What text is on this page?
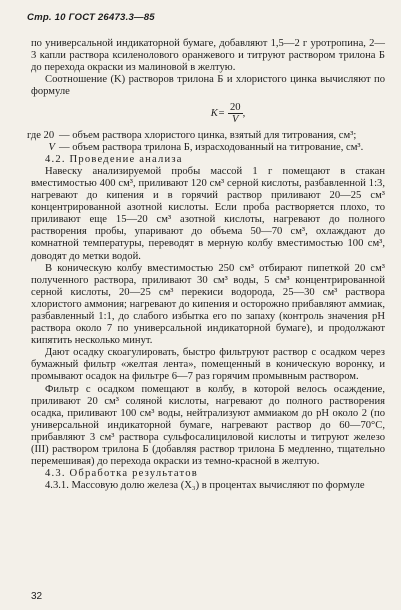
Стр. 10 ГОСТ 26473.3—85

по универсальной индикаторной бумаге, добавляют 1,5—2 г уротропина, 2—3 капли раствора ксиленолового оранжевого и титруют раствором трилона Б до перехода окраски из малиновой в желтую.

Соотношение (K) растворов трилона Б и хлористого цинка вычисляют по формуле

$K= \frac{20}{V}$ ,
где 20 — объем раствора хлористого цинка, взятый для титрования, см³;
V — объем раствора трилона Б, израсходованный на титрование, см³.

4.2. Проведение анализа

Навеску анализируемой пробы массой 1 г помещают в стакан вместимостью 400 см³, приливают 120 см³ серной кислоты, разбавленной 1:3, нагревают до кипения и в горячий раствор приливают 20—25 см³ концентрированной азотной кислоты. Если проба растворяется плохо, то приливают еще 15—20 см³ азотной кислоты, нагревают до полного растворения пробы, упаривают до объема 50—70 см³, охлаждают до комнатной температуры, переводят в мерную колбу вместимостью 100 см³, доводят до метки водой.

В коническую колбу вместимостью 250 см³ отбирают пипеткой 20 см³ полученного раствора, приливают 30 см³ воды, 5 см³ концентрированной серной кислоты, 20—25 см³ перекиси водорода, 25—30 см³ раствора хлористого аммония; нагревают до кипения и осторожно прибавляют аммиак, разбавленный 1:1, до слабого избытка его по запаху (контроль значения pH раствора около 7 по универсальной индикаторной бумаге), и продолжают кипятить несколько минут.

Дают осадку скоагулировать, быстро фильтруют раствор с осадком через бумажный фильтр «желтая лента», помещенный в коническую воронку, и промывают осадок на фильтре 6—7 раз горячим промывным раствором.

Фильтр с осадком помещают в колбу, в которой велось осаждение, приливают 20 см³ соляной кислоты, нагревают до полного растворения осадка, приливают 100 см³ воды, нейтрализуют аммиаком до pH около 2 (по универсальной индикаторной бумаге, нагревают раствор до 60—70°С, прибавляют 3 см³ раствора сульфосалициловой кислоты и титруют железо (III) раствором трилона Б (добавляя раствор трилона Б медленно, тщательно перемешивая) до перехода окраски из темно-красной в желтую.

4.3. Обработка результатов

4.3.1. Массовую долю железа (X₃) в процентах вычисляют по формуле

32
